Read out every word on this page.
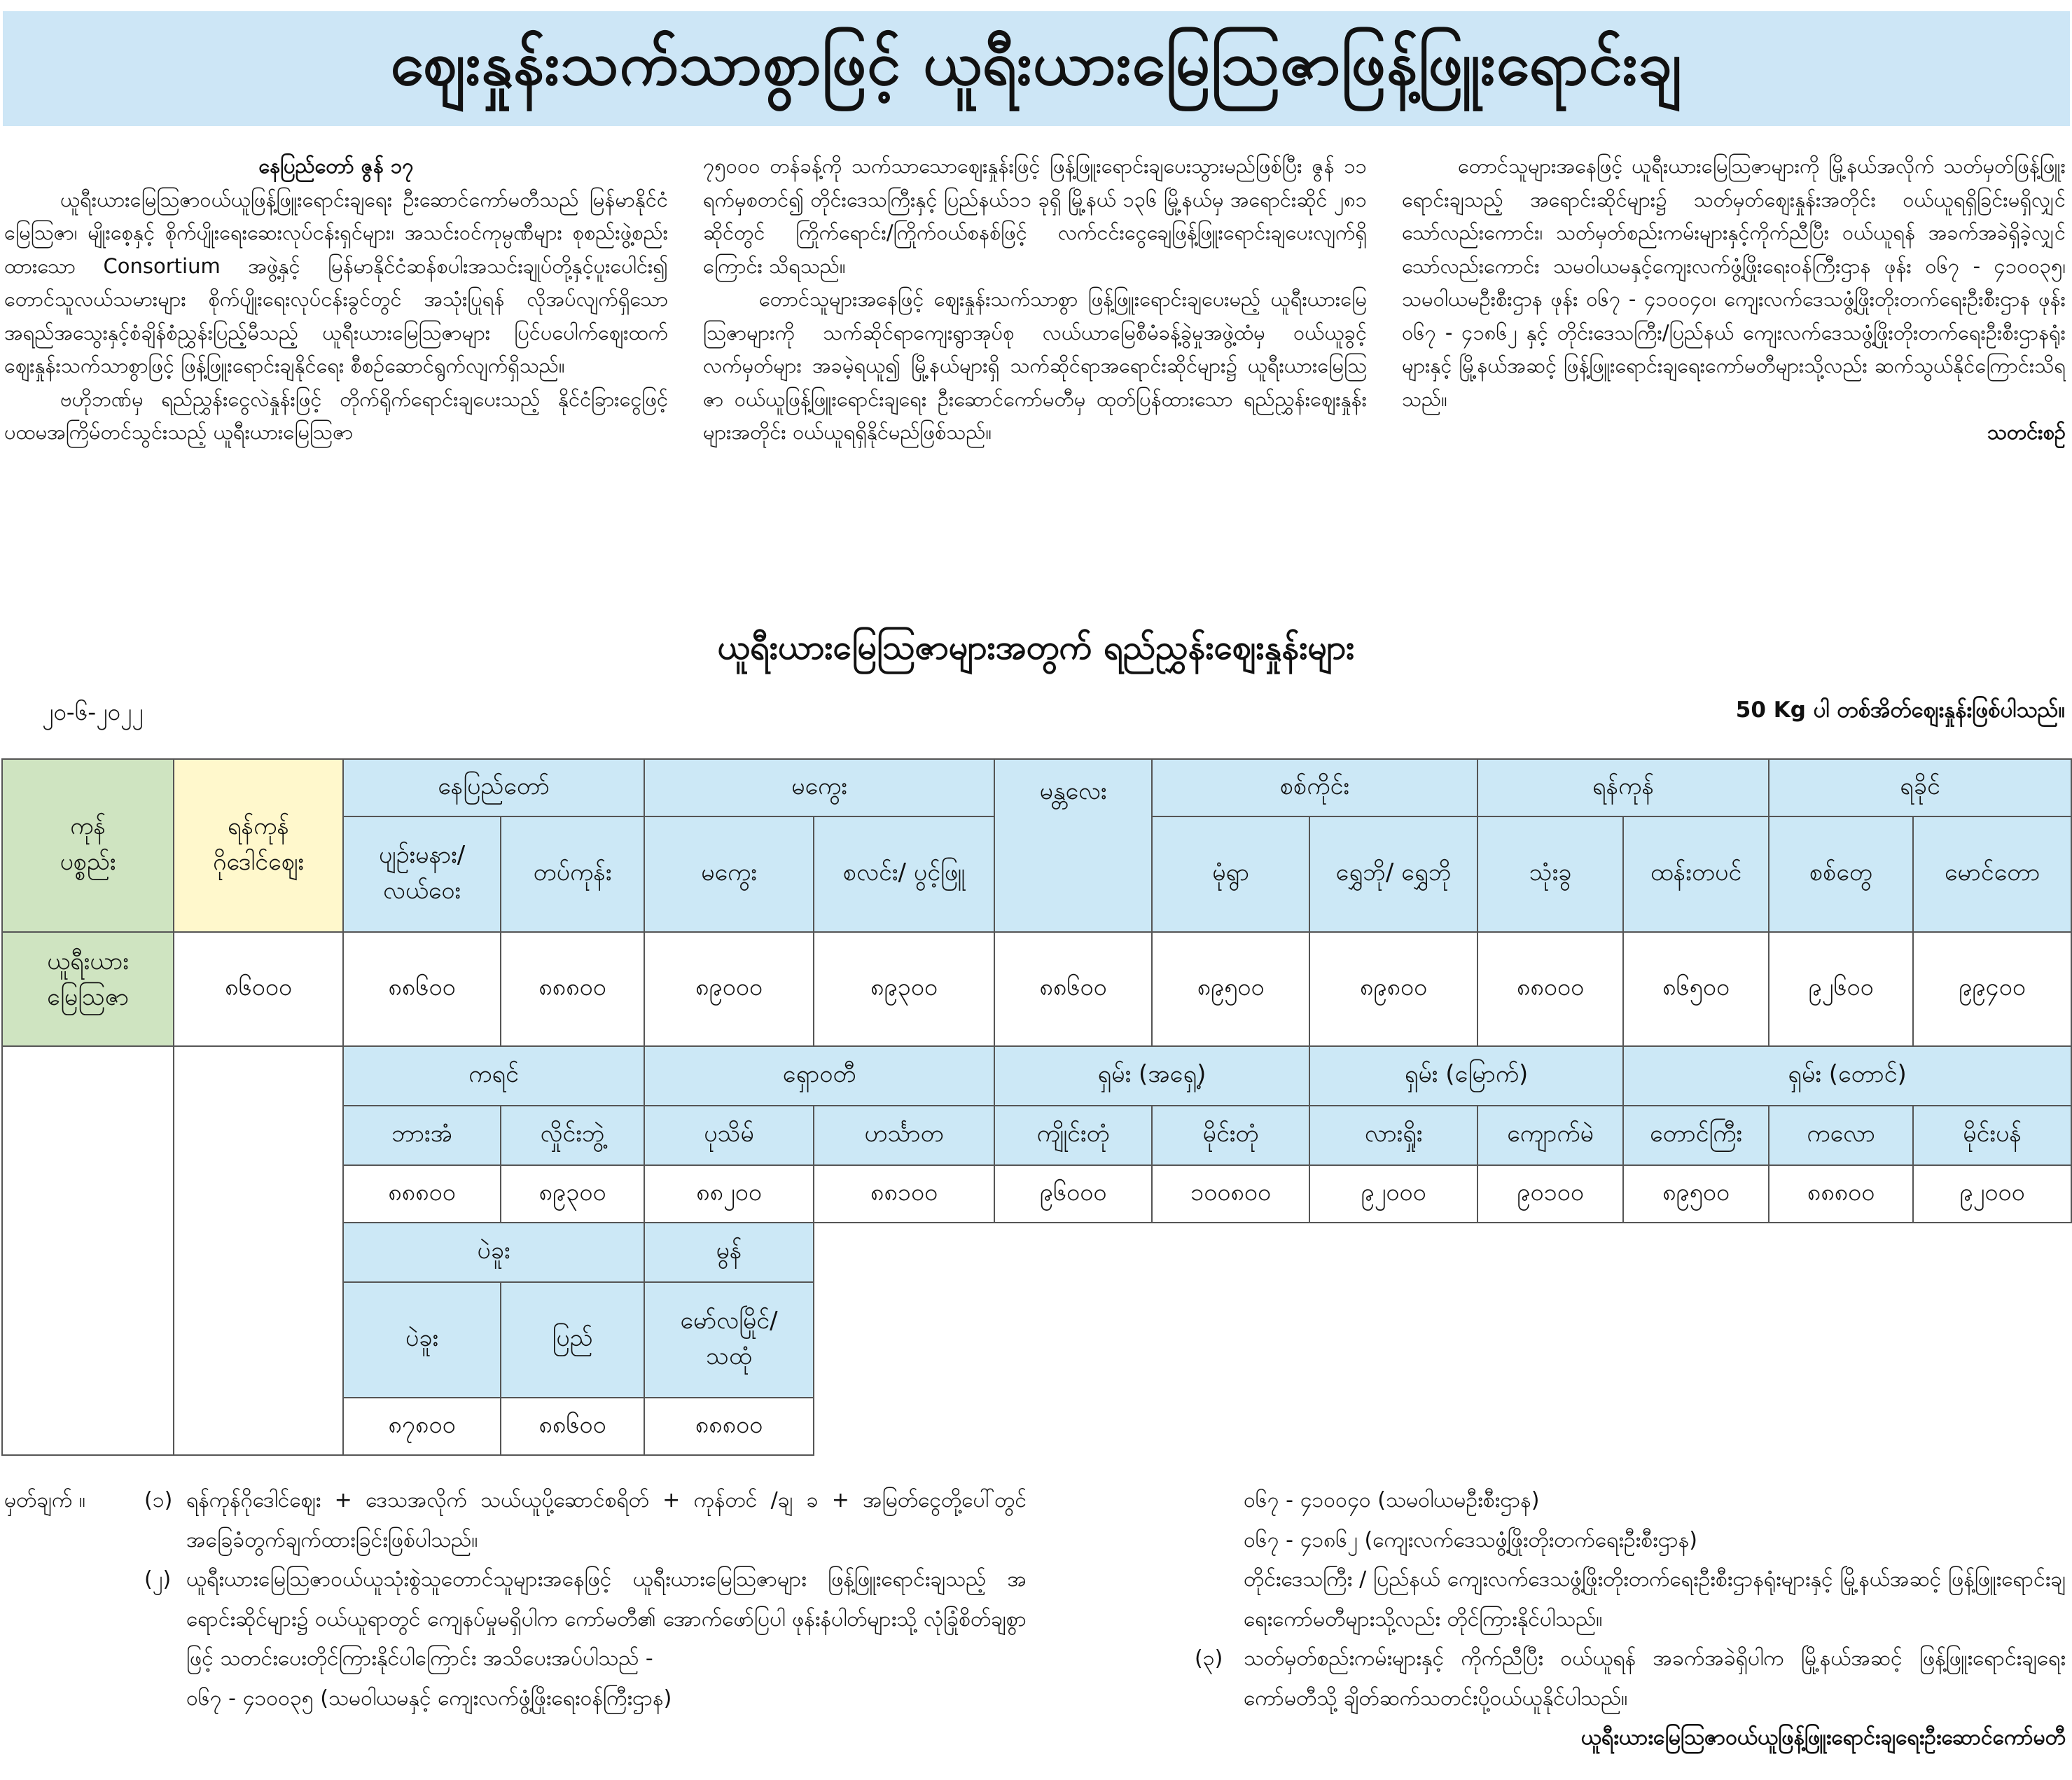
ဈေးနှုန်းသက်သာစွာဖြင့် ယူရီးယားမြေသြဇာဖြန့်ဖြူးရောင်းချ
နေပြည်တော် ဇွန် ၁၇

ယူရီးယားမြေသြဇာဝယ်ယူဖြန့်ဖြူးရောင်းချရေး ဦးဆောင်ကော်မတီသည် မြန်မာနိုင်ငံ မြေသြဇာ၊ မျိုးစေ့နှင့် စိုက်ပျိုးရေးဆေးလုပ်ငန်းရှင်များ၊ အသင်းဝင်ကုမ္ပဏီများ စုစည်းဖွဲ့စည်းထားသော Consortium အဖွဲ့နှင့် မြန်မာနိုင်ငံဆန်စပါးအသင်းချုပ်တို့နှင့်ပူးပေါင်း၍ တောင်သူလယ်သမားများ စိုက်ပျိုးရေးလုပ်ငန်းခွင်တွင် အသုံးပြုရန် လိုအပ်လျက်ရှိသော အရည်အသွေးနှင့်စံချိန်စံညွှန်းပြည့်မီသည့် ယူရီးယားမြေသြဇာများ ပြင်ပပေါက်ဈေးထက် ဈေးနှုန်းသက်သာစွာဖြင့် ဖြန့်ဖြူးရောင်းချနိုင်ရေး စီစဉ်ဆောင်ရွက်လျက်ရှိသည်။

ဗဟိုဘဏ်မှ ရည်ညွှန်းငွေလဲနှုန်းဖြင့် တိုက်ရိုက်ရောင်းချပေးသည့် နိုင်ငံခြားငွေဖြင့် ပထမအကြိမ်တင်သွင်းသည့် ယူရီးယားမြေသြဇာ

၇၅၀၀၀ တန်ခန့်ကို သက်သာသောဈေးနှုန်းဖြင့် ဖြန့်ဖြူးရောင်းချပေးသွားမည်ဖြစ်ပြီး ဇွန် ၁၁ ရက်မှစတင်၍ တိုင်းဒေသကြီးနှင့် ပြည်နယ်၁၁ ခုရှိ မြို့နယ် ၁၃၆ မြို့နယ်မှ အရောင်းဆိုင် ၂၈၁ ဆိုင်တွင် ကြိုက်ရောင်း/ကြိုက်ဝယ်စနစ်ဖြင့် လက်ငင်းငွေချေဖြန့်ဖြူးရောင်းချပေးလျက်ရှိကြောင်း သိရသည်။

တောင်သူများအနေဖြင့် ဈေးနှုန်းသက်သာစွာ ဖြန့်ဖြူးရောင်းချပေးမည့် ယူရီးယားမြေသြဇာများကို သက်ဆိုင်ရာကျေးရွာအုပ်စု လယ်ယာမြေစီမံခန့်ခွဲမှုအဖွဲ့ထံမှ ဝယ်ယူခွင့်လက်မှတ်များ အခမဲ့ရယူ၍ မြို့နယ်များရှိ သက်ဆိုင်ရာအရောင်းဆိုင်များ၌ ယူရီးယားမြေသြဇာ ဝယ်ယူဖြန့်ဖြူးရောင်းချရေး ဦးဆောင်ကော်မတီမှ ထုတ်ပြန်ထားသော ရည်ညွှန်းဈေးနှုန်းများအတိုင်း ဝယ်ယူရရှိနိုင်မည်ဖြစ်သည်။

တောင်သူများအနေဖြင့် ယူရီးယားမြေသြဇာများကို မြို့နယ်အလိုက် သတ်မှတ်ဖြန့်ဖြူးရောင်းချသည့် အရောင်းဆိုင်များ၌ သတ်မှတ်ဈေးနှုန်းအတိုင်း ဝယ်ယူရရှိခြင်းမရှိလျှင်သော်လည်းကောင်း၊ သတ်မှတ်စည်းကမ်းများနှင့်ကိုက်ညီပြီး ဝယ်ယူရန် အခက်အခဲရှိခဲ့လျှင်သော်လည်းကောင်း သမဝါယမနှင့်ကျေးလက်ဖွံ့ဖြိုးရေးဝန်ကြီးဌာန ဖုန်း ၀၆၇ - ၄၁၀၀၃၅၊ သမဝါယမဦးစီးဌာန ဖုန်း ၀၆၇ - ၄၁၀၀၄၀၊ ကျေးလက်ဒေသဖွံ့ဖြိုးတိုးတက်ရေးဦးစီးဌာန ဖုန်း ၀၆၇ - ၄၁၈၆၂ နှင့် တိုင်းဒေသကြီး/ပြည်နယ် ကျေးလက်ဒေသဖွံ့ဖြိုးတိုးတက်ရေးဦးစီးဌာနရုံးများနှင့် မြို့နယ်အဆင့် ဖြန့်ဖြူးရောင်းချရေးကော်မတီများသို့လည်း ဆက်သွယ်နိုင်ကြောင်းသိရသည်။

သတင်းစဉ်
ယူရီးယားမြေသြဇာများအတွက် ရည်ညွှန်းဈေးနှုန်းများ
၂၀-၆-၂၀၂၂	50 Kg ပါ တစ်အိတ်ဈေးနှုန်းဖြစ်ပါသည်။
ကုန်
ပစ္စည်း	ရန်ကုန်
ဂိုဒေါင်ဈေး	နေပြည်တော်		မကွေး		မန္တလေး	စစ်ကိုင်း		ရန်ကုန်		ရခိုင်	
		ပျဉ်းမနား/
လယ်ဝေး	တပ်ကုန်း	မကွေး	စလင်း/ ပွင့်ဖြူ		မုံရွာ	ရွှေဘို/ ရွှေဘို	သုံးခွ	ထန်းတပင်	စစ်တွေ	မောင်တော
ယူရီးယား
မြေသြဇာ	၈၆၀၀၀	၈၈၆၀၀	၈၈၈၀၀	၈၉၀၀၀	၈၉၃၀၀	၈၈၆၀၀	၈၉၅၀၀	၈၉၈၀၀	၈၈၀၀၀	၈၆၅၀၀	၉၂၆၀၀	၉၉၄၀၀
		ကရင်		ရှောဝတီ		ရှမ်း (အရှေ့)		ရှမ်း (မြောက်)		ရှမ်း (တောင်)		
		ဘားအံ	လှိုင်းဘွဲ့	ပုသိမ်	ဟင်္သာတ	ကျိုင်းတုံ	မိုင်းတုံ	လားရှိုး	ကျောက်မဲ	တောင်ကြီး	ကလော	မိုင်းပန်
		၈၈၈၀၀	၈၉၃၀၀	၈၈၂၀၀	၈၈၁၀၀	၉၆၀၀၀	၁၀၀၈၀၀	၉၂၀၀၀	၉၀၁၀၀	၈၉၅၀၀	၈၈၈၀၀	၉၂၀၀၀
		ပဲခူး		မွန်								
		ပဲခူး	ပြည်	မော်လမြိုင်/
သထုံ								
		၈၇၈၀၀	၈၈၆၀၀	၈၈၈၀၀								
မှတ်ချက် ။	(၁) ရန်ကုန်ဂိုဒေါင်ဈေး + ဒေသအလိုက် သယ်ယူပို့ဆောင်စရိတ် + ကုန်တင် /ချ ခ + အမြတ်ငွေတို့ပေါ်တွင် အခြေခံတွက်ချက်ထားခြင်းဖြစ်ပါသည်။
(၂) ယူရီးယားမြေသြဇာဝယ်ယူသုံးစွဲသူတောင်သူများအနေဖြင့် ယူရီးယားမြေသြဇာများ ဖြန့်ဖြူးရောင်းချသည့် အရောင်းဆိုင်များ၌ ဝယ်ယူရာတွင် ကျေနပ်မှုမရှိပါက ကော်မတီ၏ အောက်ဖော်ပြပါ ဖုန်းနံပါတ်များသို့ လုံခြုံစိတ်ချစွာဖြင့် သတင်းပေးတိုင်ကြားနိုင်ပါကြောင်း အသိပေးအပ်ပါသည် -
၀၆၇ - ၄၁၀၀၃၅ (သမဝါယမနှင့် ကျေးလက်ဖွံ့ဖြိုးရေးဝန်ကြီးဌာန)
၀၆၇ - ၄၁၀၀၄၀ (သမဝါယမဦးစီးဌာန)
၀၆၇ - ၄၁၈၆၂ (ကျေးလက်ဒေသဖွံ့ဖြိုးတိုးတက်ရေးဦးစီးဌာန)
တိုင်းဒေသကြီး / ပြည်နယ် ကျေးလက်ဒေသဖွံ့ဖြိုးတိုးတက်ရေးဦးစီးဌာနရုံးများနှင့် မြို့နယ်အဆင့် ဖြန့်ဖြူးရောင်းချရေးကော်မတီများသို့လည်း တိုင်ကြားနိုင်ပါသည်။
(၃) သတ်မှတ်စည်းကမ်းများနှင့် ကိုက်ညီပြီး ဝယ်ယူရန် အခက်အခဲရှိပါက မြို့နယ်အဆင့် ဖြန့်ဖြူးရောင်းချရေးကော်မတီသို့ ချိတ်ဆက်သတင်းပို့ဝယ်ယူနိုင်ပါသည်။
ယူရီးယားမြေသြဇာဝယ်ယူဖြန့်ဖြူးရောင်းချရေးဦးဆောင်ကော်မတီ
